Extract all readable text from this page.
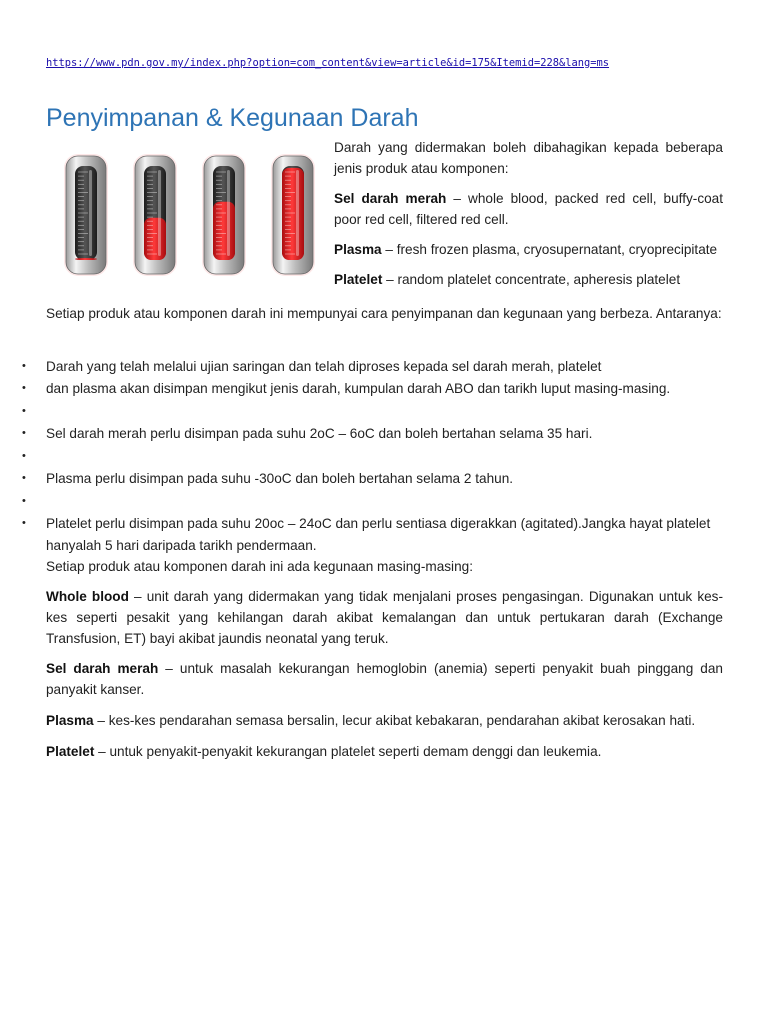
https://www.pdn.gov.my/index.php?option=com_content&view=article&id=175&Itemid=228&lang=ms
Penyimpanan & Kegunaan Darah

Darah yang didermakan boleh dibahagikan kepada beberapa jenis produk atau komponen:

Sel darah merah – whole blood, packed red cell, buffy-coat poor red cell, filtered red cell.

Plasma – fresh frozen plasma, cryosupernatant, cryoprecipitate

Platelet – random platelet concentrate, apheresis platelet

Setiap produk atau komponen darah ini mempunyai cara penyimpanan dan kegunaan yang berbeza. Antaranya:

• Darah yang telah melalui ujian saringan dan telah diproses kepada sel darah merah, platelet
• dan plasma akan disimpan mengikut jenis darah, kumpulan darah ABO dan tarikh luput masing-masing.
•
• Sel darah merah perlu disimpan pada suhu 2oC – 6oC dan boleh bertahan selama 35 hari.
•
• Plasma perlu disimpan pada suhu -30oC dan boleh bertahan selama 2 tahun.
•
• Platelet perlu disimpan pada suhu 20oc – 24oC dan perlu sentiasa digerakkan (agitated).Jangka hayat platelet hanyalah 5 hari daripada tarikh pendermaan.

Setiap produk atau komponen darah ini ada kegunaan masing-masing:

Whole blood – unit darah yang didermakan yang tidak menjalani proses pengasingan. Digunakan untuk kes-kes seperti pesakit yang kehilangan darah akibat kemalangan dan untuk pertukaran darah (Exchange Transfusion, ET) bayi akibat jaundis neonatal yang teruk.

Sel darah merah – untuk masalah kekurangan hemoglobin (anemia) seperti penyakit buah pinggang dan panyakit kanser.

Plasma – kes-kes pendarahan semasa bersalin, lecur akibat kebakaran, pendarahan akibat kerosakan hati.

Platelet – untuk penyakit-penyakit kekurangan platelet seperti demam denggi dan leukemia.
